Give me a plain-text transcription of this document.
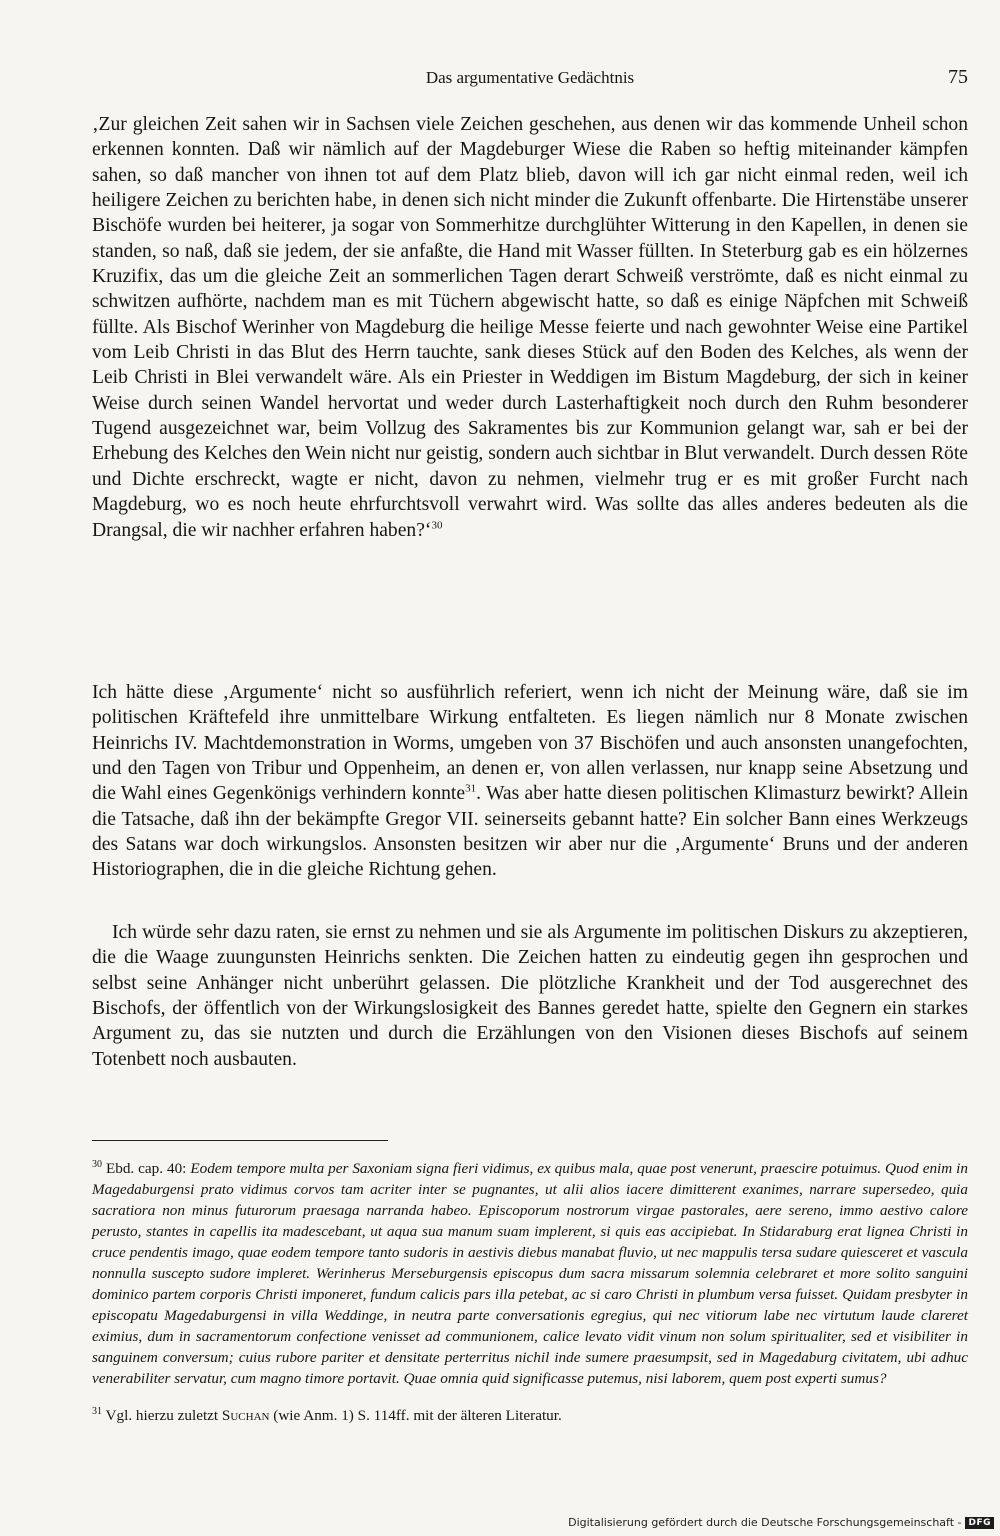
Das argumentative Gedächtnis	75

‚Zur gleichen Zeit sahen wir in Sachsen viele Zeichen geschehen, aus denen wir das kommende Unheil schon erkennen konnten. Daß wir nämlich auf der Magdeburger Wiese die Raben so heftig miteinander kämpfen sahen, so daß mancher von ihnen tot auf dem Platz blieb, davon will ich gar nicht einmal reden, weil ich heiligere Zeichen zu berichten habe, in denen sich nicht minder die Zukunft offenbarte. Die Hirtenstäbe unserer Bischöfe wurden bei heiterer, ja sogar von Sommerhitze durchglühter Witterung in den Kapellen, in denen sie standen, so naß, daß sie jedem, der sie anfaßte, die Hand mit Wasser füllten. In Steterburg gab es ein hölzernes Kruzifix, das um die gleiche Zeit an sommerlichen Tagen derart Schweiß verströmte, daß es nicht einmal zu schwitzen aufhörte, nachdem man es mit Tüchern abgewischt hatte, so daß es einige Näpfchen mit Schweiß füllte. Als Bischof Werinher von Magdeburg die heilige Messe feierte und nach gewohnter Weise eine Partikel vom Leib Christi in das Blut des Herrn tauchte, sank dieses Stück auf den Boden des Kelches, als wenn der Leib Christi in Blei verwandelt wäre. Als ein Priester in Weddigen im Bistum Magdeburg, der sich in keiner Weise durch seinen Wandel hervortat und weder durch Lasterhaftigkeit noch durch den Ruhm besonderer Tugend ausgezeichnet war, beim Vollzug des Sakramentes bis zur Kommunion gelangt war, sah er bei der Erhebung des Kelches den Wein nicht nur geistig, sondern auch sichtbar in Blut verwandelt. Durch dessen Röte und Dichte erschreckt, wagte er nicht, davon zu nehmen, vielmehr trug er es mit großer Furcht nach Magdeburg, wo es noch heute ehrfurchtsvoll verwahrt wird. Was sollte das alles anderes bedeuten als die Drangsal, die wir nachher erfahren haben?‘$^{30}$

Ich hätte diese ‚Argumente‘ nicht so ausführlich referiert, wenn ich nicht der Meinung wäre, daß sie im politischen Kräftefeld ihre unmittelbare Wirkung entfalteten. Es liegen nämlich nur 8 Monate zwischen Heinrichs IV. Machtdemonstration in Worms, umgeben von 37 Bischöfen und auch ansonsten unangefochten, und den Tagen von Tribur und Oppenheim, an denen er, von allen verlassen, nur knapp seine Absetzung und die Wahl eines Gegenkönigs verhindern konnte$^{31}$. Was aber hatte diesen politischen Klimasturz bewirkt? Allein die Tatsache, daß ihn der bekämpfte Gregor VII. seinerseits gebannt hatte? Ein solcher Bann eines Werkzeugs des Satans war doch wirkungslos. Ansonsten besitzen wir aber nur die ‚Argumente‘ Bruns und der anderen Historiographen, die in die gleiche Richtung gehen.

Ich würde sehr dazu raten, sie ernst zu nehmen und sie als Argumente im politischen Diskurs zu akzeptieren, die die Waage zuungunsten Heinrichs senkten. Die Zeichen hatten zu eindeutig gegen ihn gesprochen und selbst seine Anhänger nicht unberührt gelassen. Die plötzliche Krankheit und der Tod ausgerechnet des Bischofs, der öffentlich von der Wirkungslosigkeit des Bannes geredet hatte, spielte den Gegnern ein starkes Argument zu, das sie nutzten und durch die Erzählungen von den Visionen dieses Bischofs auf seinem Totenbett noch ausbauten.

$^{30}$ Ebd. cap. 40: Eodem tempore multa per Saxoniam signa fieri vidimus, ex quibus mala, quae post venerunt, praescire potuimus. Quod enim in Magedaburgensi prato vidimus corvos tam acriter inter se pugnantes, ut alii alios iacere dimitterent exanimes, narrare supersedeo, quia sacratiora non minus futurorum praesaga narranda habeo. Episcoporum nostrorum virgae pastorales, aere sereno, immo aestivo calore perusto, stantes in capellis ita madescebant, ut aqua sua manum suam implerent, si quis eas accipiebat. In Stidaraburg erat lignea Christi in cruce pendentis imago, quae eodem tempore tanto sudoris in aestivis diebus manabat fluvio, ut nec mappulis tersa sudare quiesceret et vascula nonnulla suscepto sudore impleret. Werinherus Merseburgensis episcopus dum sacra missarum solemnia celebraret et more solito sanguini dominico partem corporis Christi imponeret, fundum calicis pars illa petebat, ac si caro Christi in plumbum versa fuisset. Quidam presbyter in episcopatu Magedaburgensi in villa Weddinge, in neutra parte conversationis egregius, qui nec vitiorum labe nec virtutum laude clareret eximius, dum in sacramentorum confectione venisset ad communionem, calice levato vidit vinum non solum spiritualiter, sed et visibiliter in sanguinem conversum; cuius rubore pariter et densitate perterritus nichil inde sumere praesumpsit, sed in Magedaburg civitatem, ubi adhuc venerabiliter servatur, cum magno timore portavit. Quae omnia quid significasse putemus, nisi laborem, quem post experti sumus?

$^{31}$ Vgl. hierzu zuletzt Suchan (wie Anm. 1) S. 114ff. mit der älteren Literatur.

Digitalisierung gefördert durch die Deutsche Forschungsgemeinschaft - DFG
